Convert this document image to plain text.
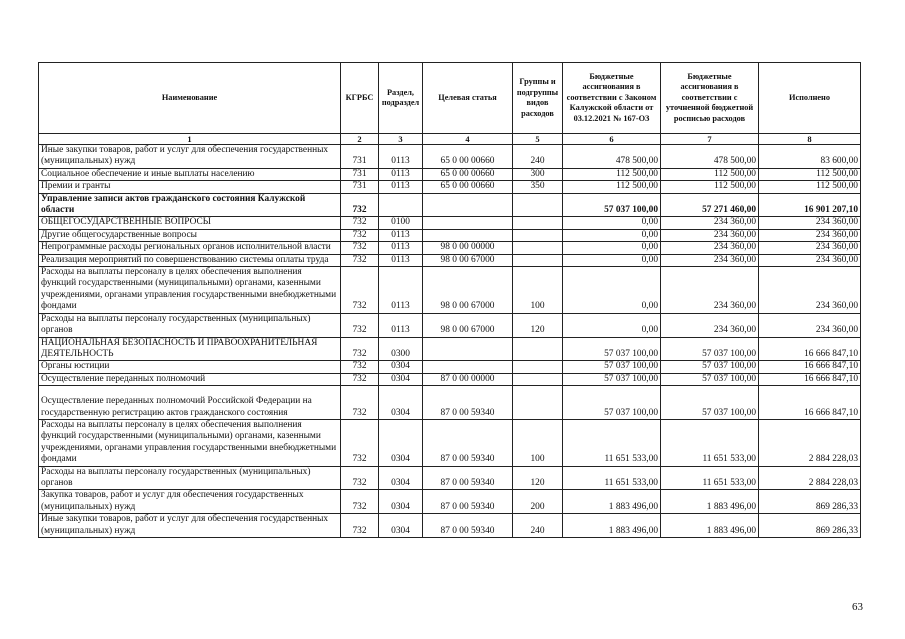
Наименование	КГРБС	Раздел, подраздел	Целевая статья	Группы и подгруппы видов расходов	Бюджетные ассигнования в соответствии с Законом Калужской области от 03.12.2021 № 167-ОЗ	Бюджетные ассигнования в соответствии с уточненной бюджетной росписью расходов	Исполнено
1	2	3	4	5	6	7	8
Иные закупки товаров, работ и услуг для обеспечения государственных (муниципальных) нужд	731	0113	65 0 00 00660	240	478 500,00	478 500,00	83 600,00
Социальное обеспечение и иные выплаты населению	731	0113	65 0 00 00660	300	112 500,00	112 500,00	112 500,00
Премии и гранты	731	0113	65 0 00 00660	350	112 500,00	112 500,00	112 500,00
Управление записи актов гражданского состояния Калужской области	732				57 037 100,00	57 271 460,00	16 901 207,10
ОБЩЕГОСУДАРСТВЕННЫЕ ВОПРОСЫ	732	0100			0,00	234 360,00	234 360,00
Другие общегосударственные вопросы	732	0113			0,00	234 360,00	234 360,00
Непрограммные расходы региональных органов исполнительной власти	732	0113	98 0 00 00000		0,00	234 360,00	234 360,00
Реализация мероприятий по совершенствованию системы оплаты труда	732	0113	98 0 00 67000		0,00	234 360,00	234 360,00
Расходы на выплаты персоналу в целях обеспечения выполнения функций государственными (муниципальными) органами, казенными учреждениями, органами управления государственными внебюджетными фондами	732	0113	98 0 00 67000	100	0,00	234 360,00	234 360,00
Расходы на выплаты персоналу государственных (муниципальных) органов	732	0113	98 0 00 67000	120	0,00	234 360,00	234 360,00
НАЦИОНАЛЬНАЯ БЕЗОПАСНОСТЬ И ПРАВООХРАНИТЕЛЬНАЯ ДЕЯТЕЛЬНОСТЬ	732	0300			57 037 100,00	57 037 100,00	16 666 847,10
Органы юстиции	732	0304			57 037 100,00	57 037 100,00	16 666 847,10
Осуществление переданных полномочий	732	0304	87 0 00 00000		57 037 100,00	57 037 100,00	16 666 847,10
Осуществление переданных полномочий Российской Федерации на государственную регистрацию актов гражданского состояния	732	0304	87 0 00 59340		57 037 100,00	57 037 100,00	16 666 847,10
Расходы на выплаты персоналу в целях обеспечения выполнения функций государственными (муниципальными) органами, казенными учреждениями, органами управления государственными внебюджетными фондами	732	0304	87 0 00 59340	100	11 651 533,00	11 651 533,00	2 884 228,03
Расходы на выплаты персоналу государственных (муниципальных) органов	732	0304	87 0 00 59340	120	11 651 533,00	11 651 533,00	2 884 228,03
Закупка товаров, работ и услуг для обеспечения государственных (муниципальных) нужд	732	0304	87 0 00 59340	200	1 883 496,00	1 883 496,00	869 286,33
Иные закупки товаров, работ и услуг для обеспечения государственных (муниципальных) нужд	732	0304	87 0 00 59340	240	1 883 496,00	1 883 496,00	869 286,33
63
